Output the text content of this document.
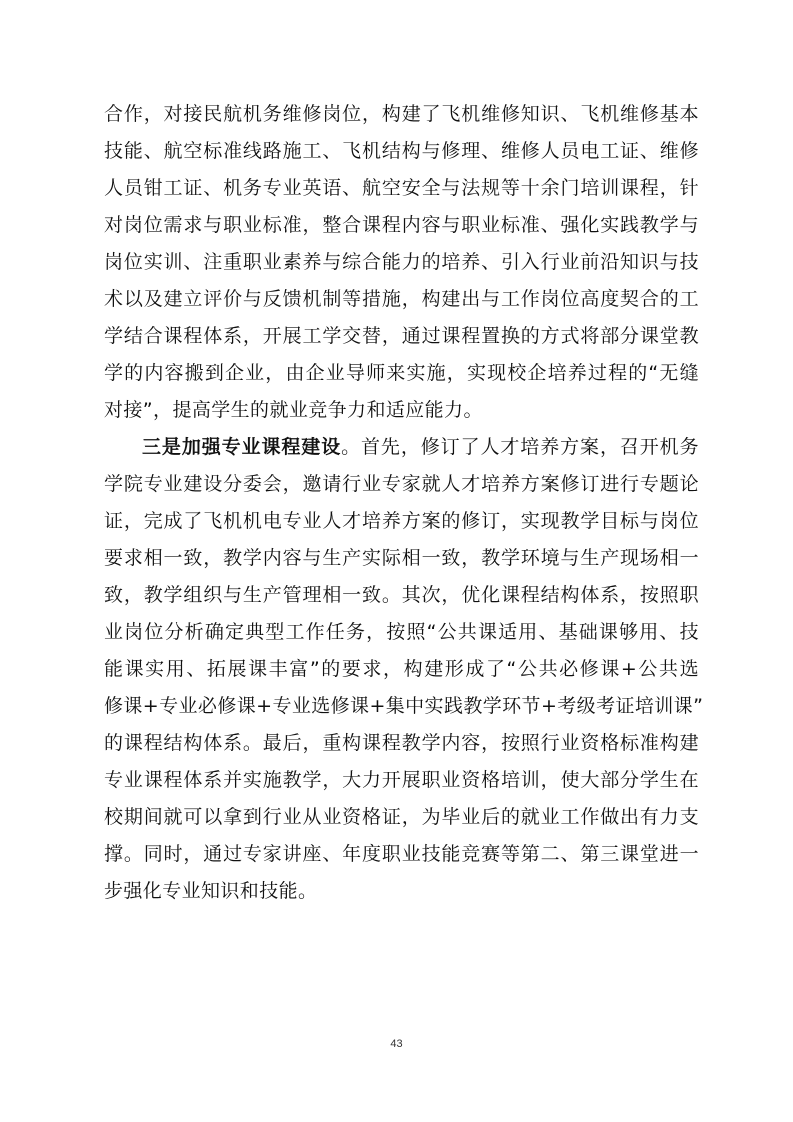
合作，对接民航机务维修岗位，构建了飞机维修知识、飞机维修基本
技能、航空标准线路施工、飞机结构与修理、维修人员电工证、维修
人员钳工证、机务专业英语、航空安全与法规等十余门培训课程，针
对岗位需求与职业标准，整合课程内容与职业标准、强化实践教学与
岗位实训、注重职业素养与综合能力的培养、引入行业前沿知识与技
术以及建立评价与反馈机制等措施，构建出与工作岗位高度契合的工
学结合课程体系，开展工学交替，通过课程置换的方式将部分课堂教
学的内容搬到企业，由企业导师来实施，实现校企培养过程的“无缝
对接”，提高学生的就业竞争力和适应能力。
三是加强专业课程建设。首先，修订了人才培养方案，召开机务
学院专业建设分委会，邀请行业专家就人才培养方案修订进行专题论
证，完成了飞机机电专业人才培养方案的修订，实现教学目标与岗位
要求相一致，教学内容与生产实际相一致，教学环境与生产现场相一
致，教学组织与生产管理相一致。其次，优化课程结构体系，按照职
业岗位分析确定典型工作任务，按照“公共课适用、基础课够用、技
能课实用、拓展课丰富”的要求，构建形成了“公共必修课+公共选
修课+专业必修课+专业选修课+集中实践教学环节+考级考证培训课”
的课程结构体系。最后，重构课程教学内容，按照行业资格标准构建
专业课程体系并实施教学，大力开展职业资格培训，使大部分学生在
校期间就可以拿到行业从业资格证，为毕业后的就业工作做出有力支
撑。同时，通过专家讲座、年度职业技能竞赛等第二、第三课堂进一
步强化专业知识和技能。
43
